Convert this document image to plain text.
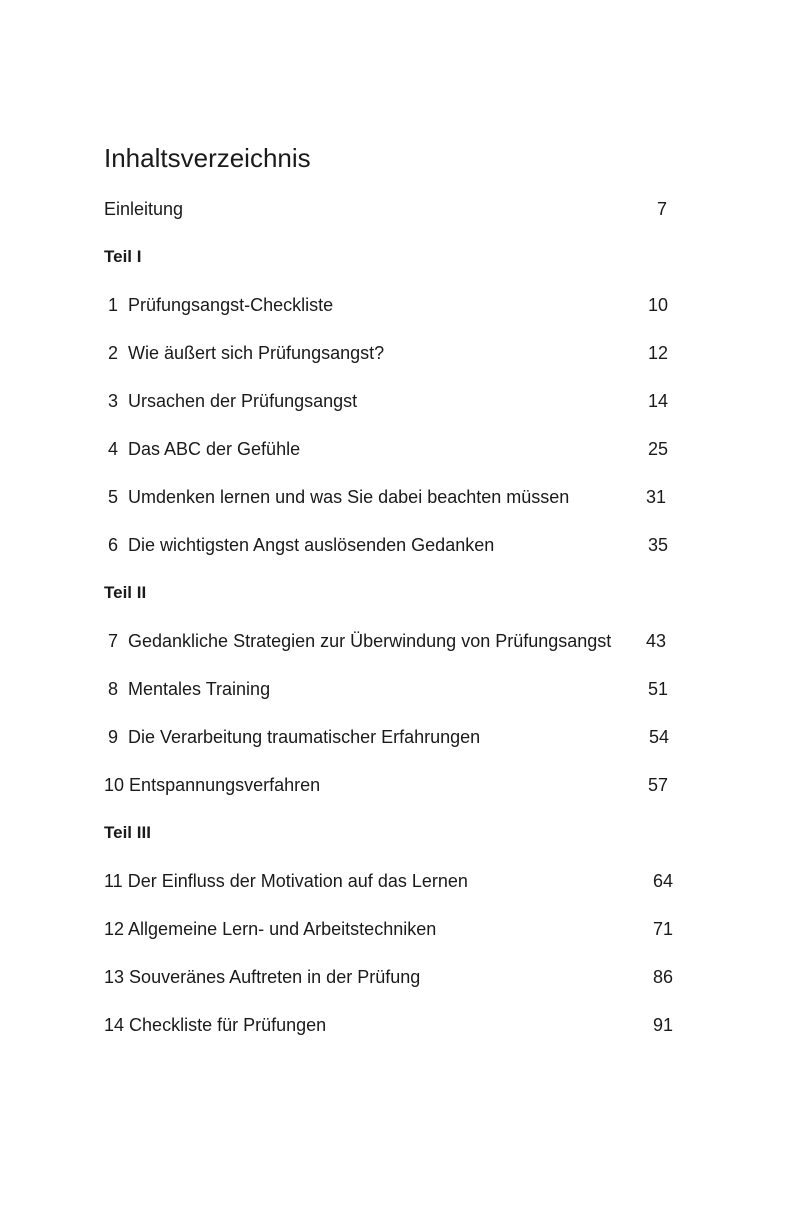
Inhaltsverzeichnis
Einleitung	7
Teil I
1 Prüfungsangst-Checkliste	10
2 Wie äußert sich Prüfungsangst?	12
3 Ursachen der Prüfungsangst	14
4 Das ABC der Gefühle	25
5 Umdenken lernen und was Sie dabei beachten müssen	31
6 Die wichtigsten Angst auslösenden Gedanken	35
Teil II
7 Gedankliche Strategien zur Überwindung von Prüfungsangst 43
8 Mentales Training	51
9 Die Verarbeitung traumatischer Erfahrungen	54
10 Entspannungsverfahren	57
Teil III
11 Der Einfluss der Motivation auf das Lernen	64
12 Allgemeine Lern- und Arbeitstechniken	71
13 Souveränes Auftreten in der Prüfung	86
14 Checkliste für Prüfungen	91
